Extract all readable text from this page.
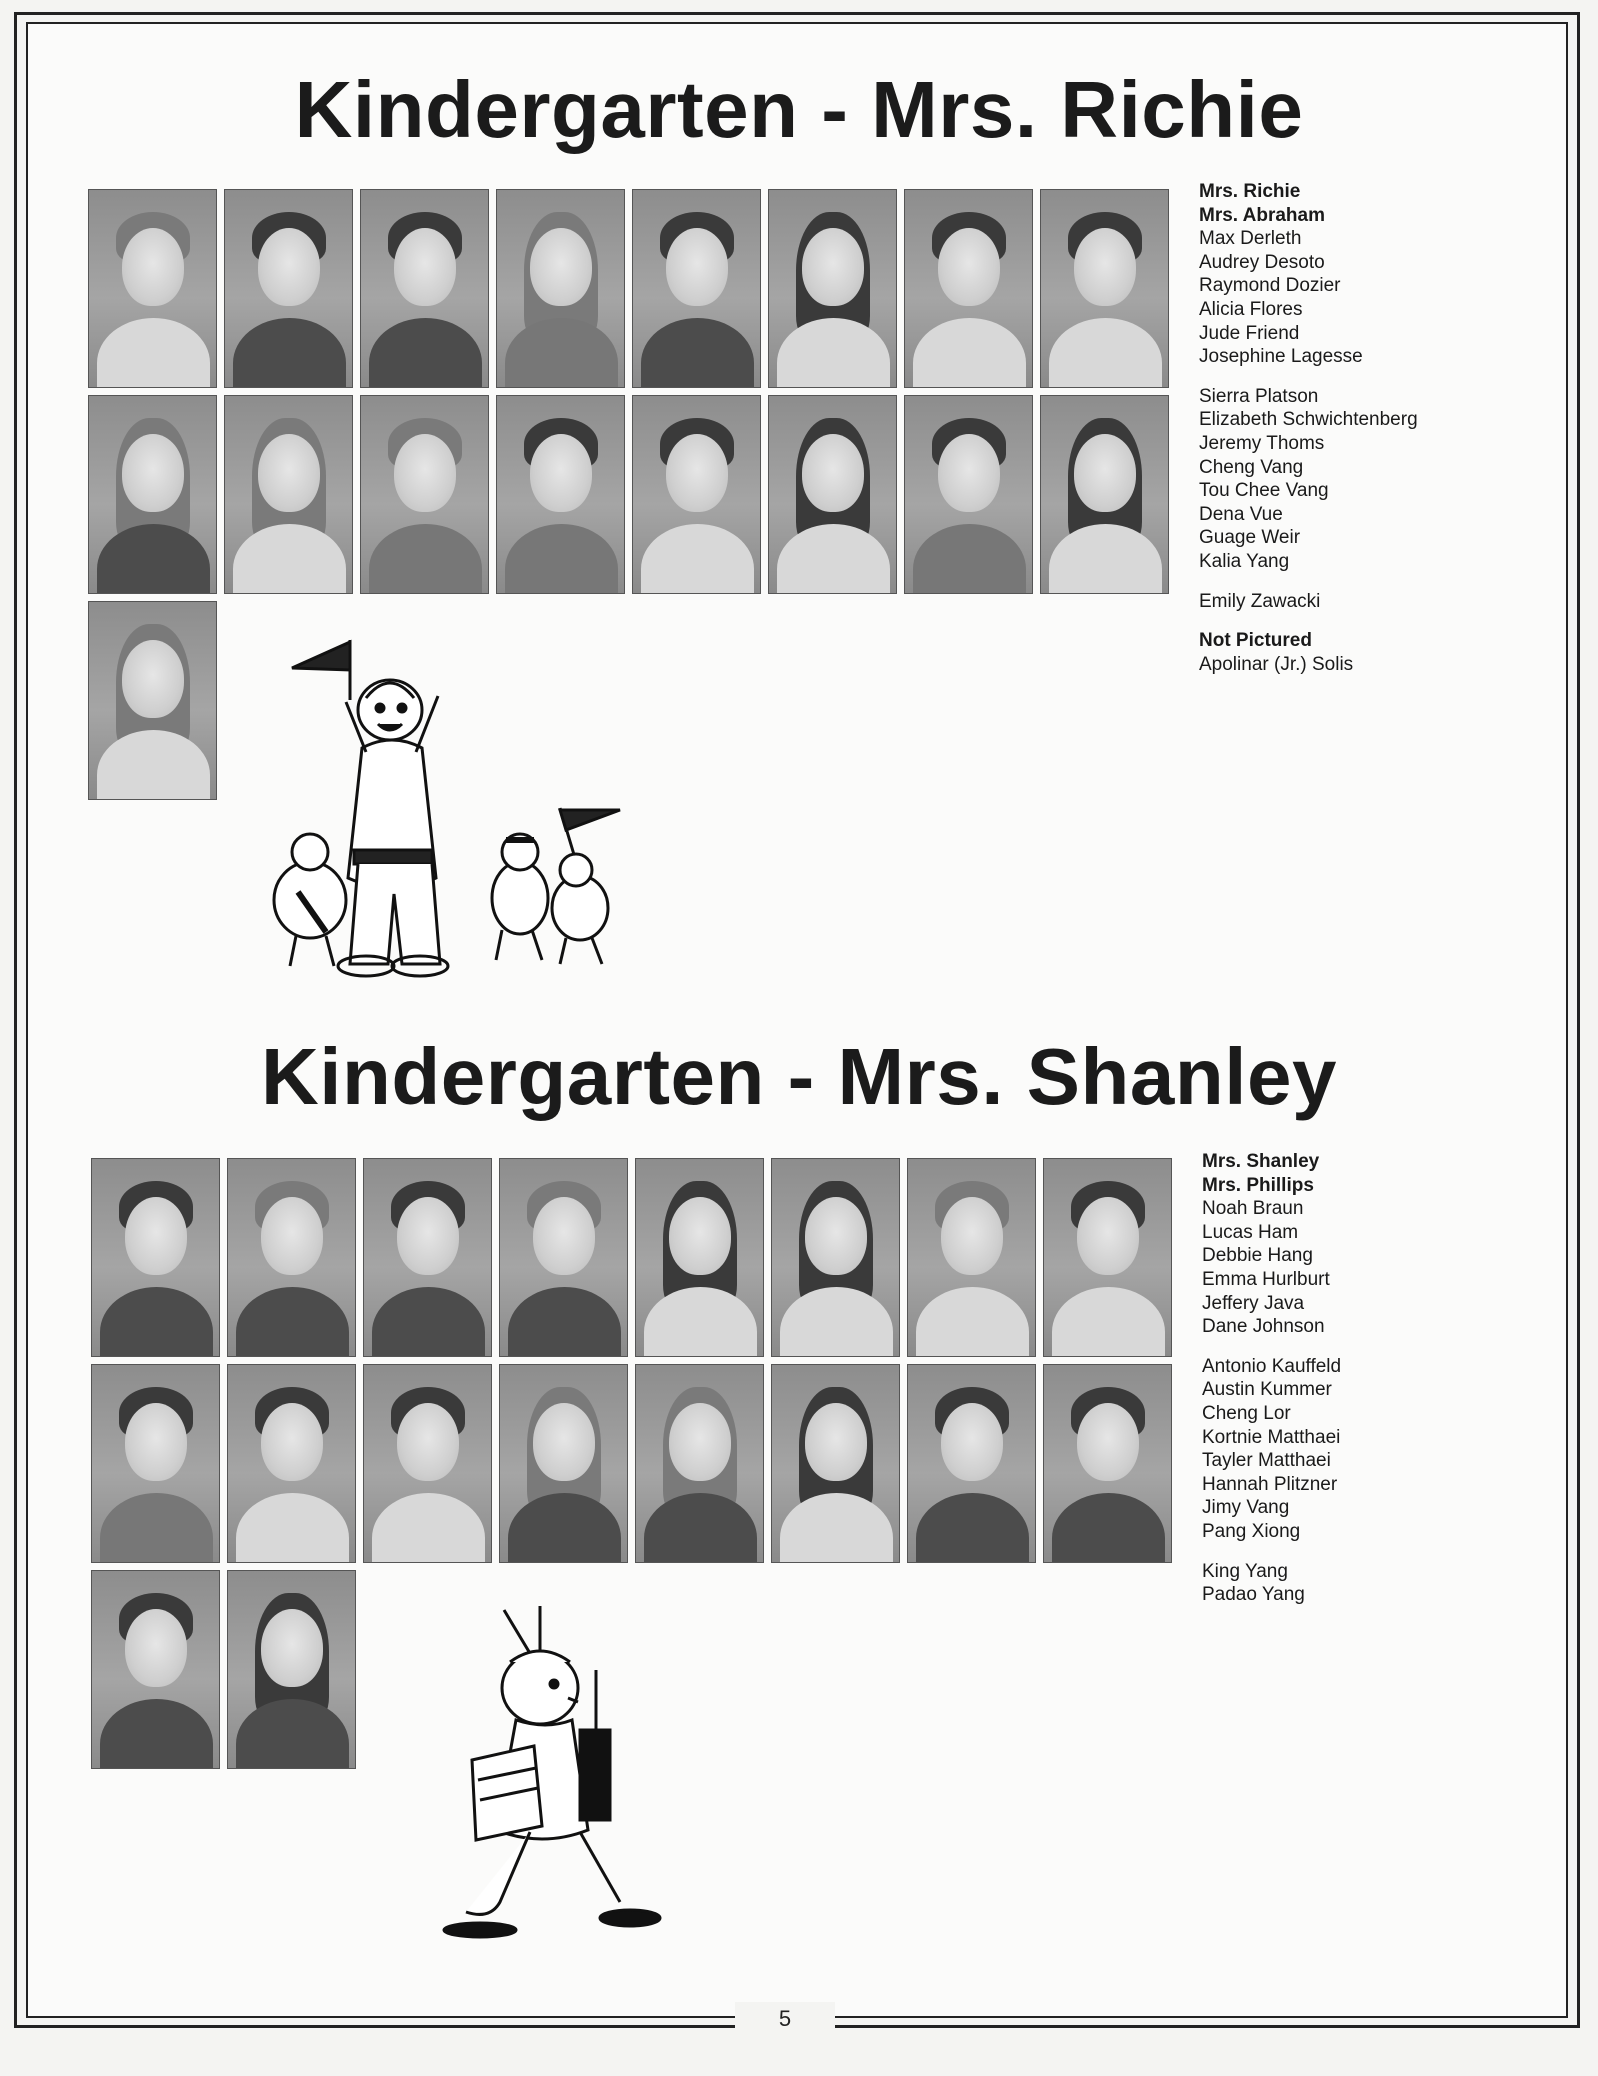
Kindergarten - Mrs. Richie
Mrs. Richie
Mrs. Abraham
Max Derleth
Audrey Desoto
Raymond Dozier
Alicia Flores
Jude Friend
Josephine Lagesse
Sierra Platson
Elizabeth Schwichtenberg
Jeremy Thoms
Cheng Vang
Tou Chee Vang
Dena Vue
Guage Weir
Kalia Yang
Emily Zawacki
Not Pictured
Apolinar (Jr.) Solis
Kindergarten - Mrs. Shanley
Mrs. Shanley
Mrs. Phillips
Noah Braun
Lucas Ham
Debbie Hang
Emma Hurlburt
Jeffery Java
Dane Johnson
Antonio Kauffeld
Austin Kummer
Cheng Lor
Kortnie Matthaei
Tayler Matthaei
Hannah Plitzner
Jimy Vang
Pang Xiong
King Yang
Padao Yang
5
